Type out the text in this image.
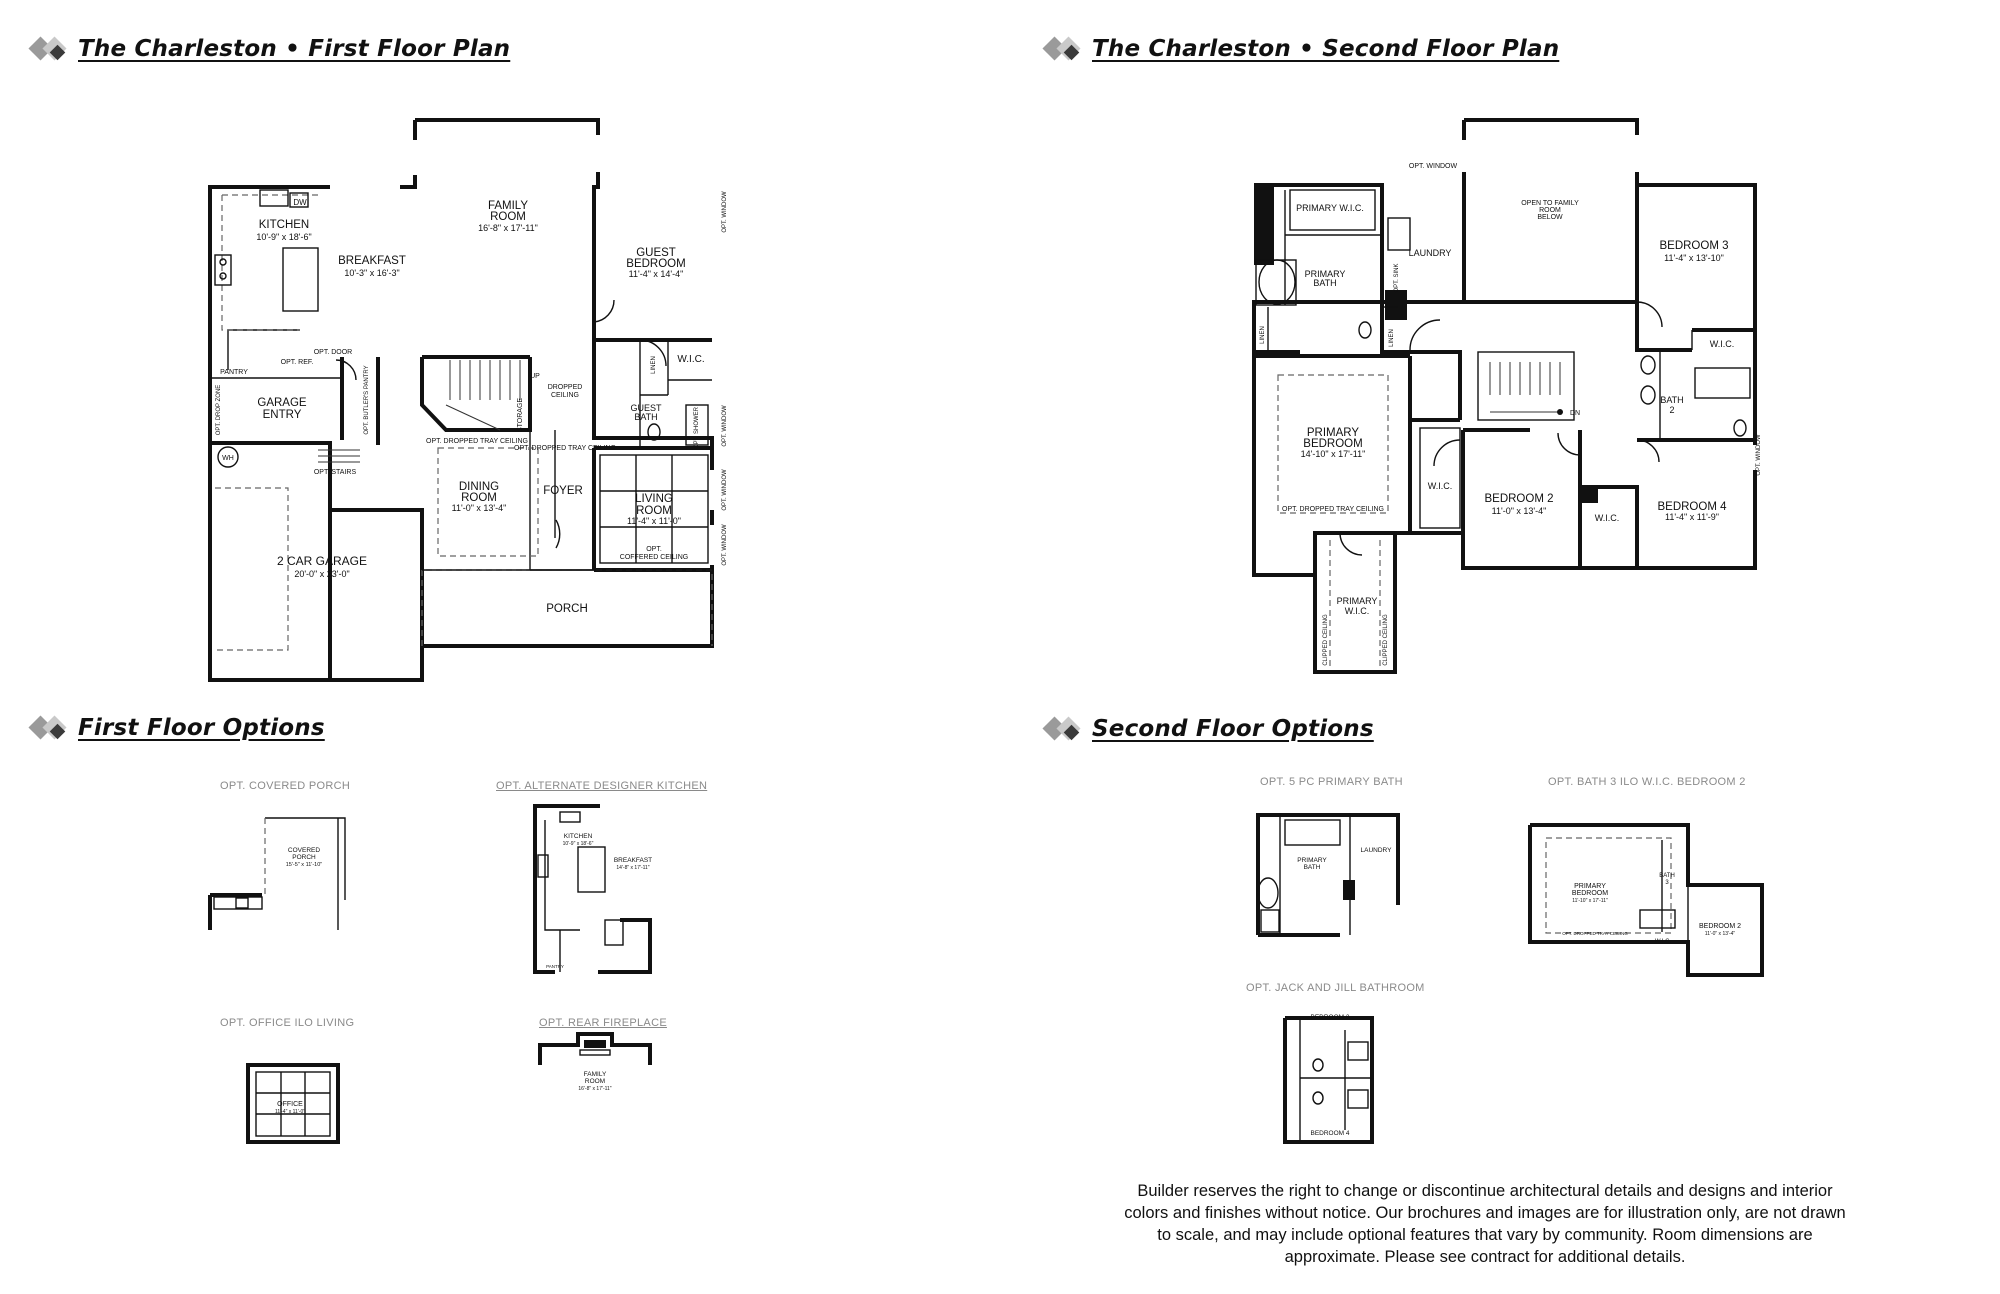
The Charleston • First Floor Plan	The Charleston • Second Floor Plan
First Floor Options	Second Floor Options
KITCHEN
10'-9" x 18'-6"
BREAKFAST
10'-3" x 16'-3"
FAMILY
ROOM
16'-8" x 17'-11"
GUEST
BEDROOM
11'-4" x 14'-4"
DW
PANTRY
OPT. REF.
OPT. DOOR
GARAGE
ENTRY
WH
OPT. STAIRS
2 CAR GARAGE
20'-0" x 23'-0"
UP
DROPPED
CEILING
OPT. DROPPED TRAY CEILING
OPT. DROPPED TRAY CEILING
DINING
ROOM
11'-0" x 13'-4"
FOYER
W.I.C.
GUEST
BATH
LIVING
ROOM
11'-4" x 11'-0"
OPT.
COFFERED CEILING
PORCH
OPT. DROP ZONE	OPT. BUTLER'S PANTRY	STORAGE
LINEN
OPT. SHOWER
OPT. WINDOW
OPT. WINDOW
OPT. WINDOW
OPT. WINDOW
OPT. WINDOW
OPEN TO FAMILY
ROOM
BELOW
PRIMARY W.I.C.
LAUNDRY
BEDROOM 3
11'-4" x 13'-10"
PRIMARY
BATH
W.I.C.
DN
BATH
2
PRIMARY
BEDROOM
14'-10" x 17'-11"
OPT. DROPPED TRAY CEILING
W.I.C.
BEDROOM 2
11'-0" x 13'-4"
W.I.C.
BEDROOM 4
11'-4" x 11'-9"
PRIMARY
W.I.C.
OPT. SINK
LINEN	LINEN
CLIPPED CEILING	CLIPPED CEILING
OPT. WINDOW
OPT. COVERED PORCH	OPT. ALTERNATE DESIGNER KITCHEN
OPT. OFFICE ILO LIVING	OPT. REAR FIREPLACE
COVERED
PORCH
15'-5" x 11'-10"
KITCHEN
10'-9" x 18'-6"
BREAKFAST
14'-8" x 17'-11"
PANTRY
OFFICE
11'-4" x 11'-0"
FAMILY
ROOM
16'-8" x 17'-11"
OPT. 5 PC PRIMARY BATH	OPT. BATH 3 ILO W.I.C. BEDROOM 2
OPT. JACK AND JILL BATHROOM
PRIMARY
BATH
LAUNDRY
PRIMARY
BEDROOM
11'-10" x 17'-11"
OPT. DROPPED TRAY CEILING
BATH
3
BEDROOM 2
11'-0" x 13'-4"
W.I.C.
BEDROOM 3
BEDROOM 4
Builder reserves the right to change or discontinue architectural details and designs and interior colors and finishes without notice. Our brochures and images are for illustration only, are not drawn to scale, and may include optional features that vary by community. Room dimensions are approximate. Please see contract for additional details.
